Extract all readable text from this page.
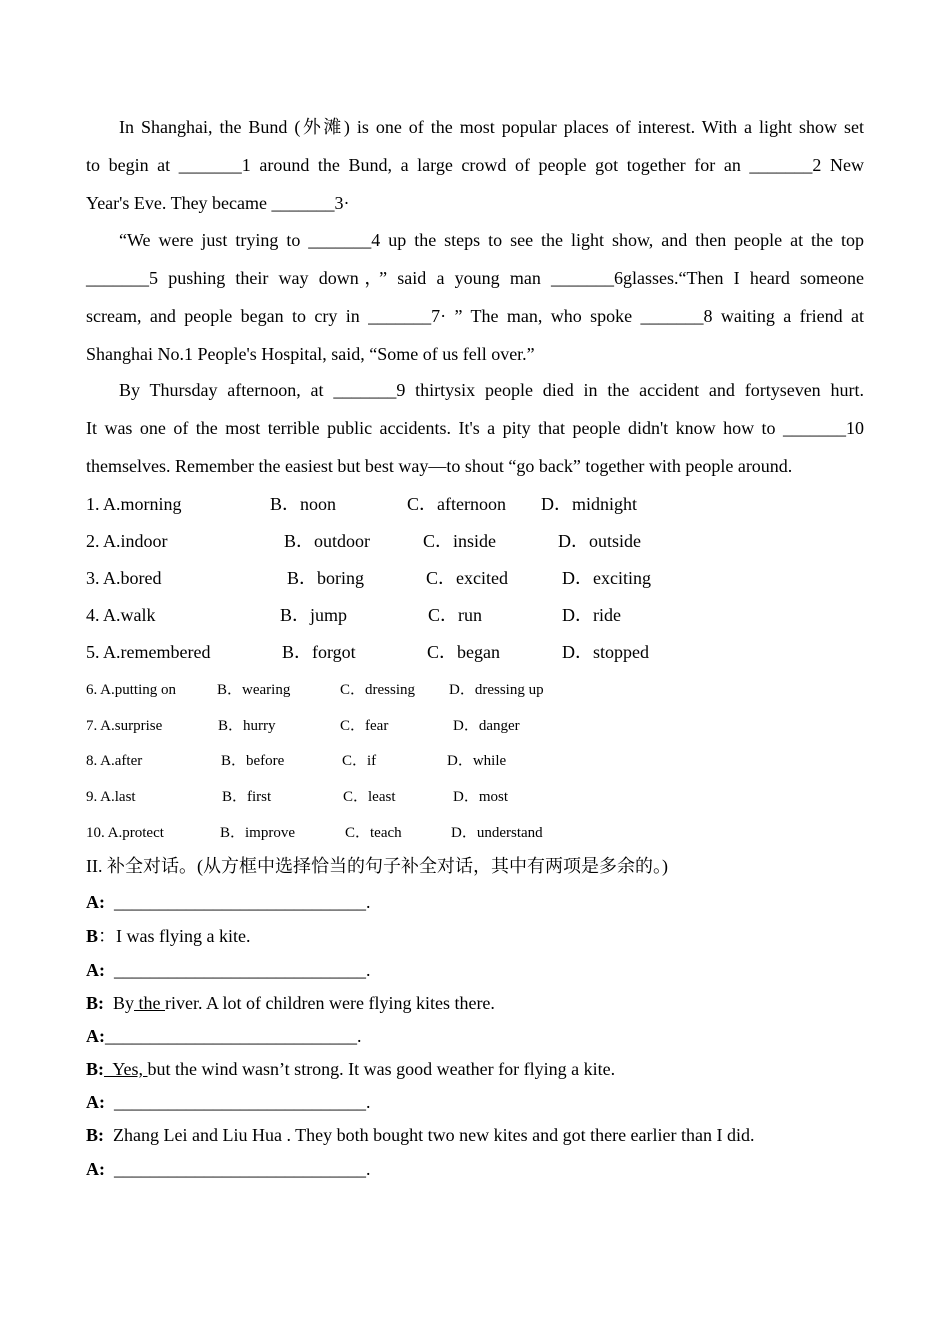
In Shanghai, the Bund (外滩) is one of the most popular places of interest. With a light show set
to begin at _______1 around the Bund, a large crowd of people got together for an _______2 New
Year's Eve. They became _______3·
“We were just trying to _______4 up the steps to see the light show, and then people at the top
_______5 pushing their way down，” said a young man _______6glasses.“Then I heard someone
scream, and people began to cry in _______7· ” The man, who spoke _______8 waiting a friend at
Shanghai No.1 People's Hospital, said, “Some of us fell over.”
By Thursday afternoon, at _______9 thirtysix people died in the accident and fortyseven hurt.
It was one of the most terrible public accidents. It's a pity that people didn't know how to _______10
themselves. Remember the easiest but best way—to shout “go back” together with people around.
1. A.morning	B．noon	C．afternoon D．midnight
2. A.indoor	B．outdoor	C．inside	D．outside
3. A.bored	B．boring	C．excited	D．exciting
4. A.walk	B．jump	C．run	D．ride
5. A.remembered	B．forgot	C．began	D．stopped
6. A.putting on	B．wearing	C．dressing D．dressing up
7. A.surprise	B．hurry	C．fear	D．danger
8. A.after	B．before	C．if	D．while
9. A.last	B．first	C．least	D．most
10. A.protect	B．improve	C．teach	D．understand
II. 补全对话。(从方框中选择恰当的句子补全对话，其中有两项是多余的。)
A: ____________________________.
B：I was flying a kite.
A: ____________________________.
B:  By the river. A lot of children were flying kites there.
A:____________________________.
B:  Yes, but the wind wasn’t strong. It was good weather for flying a kite.
A: ____________________________.
B:  Zhang Lei and Liu Hua . They both bought two new kites and got there earlier than I did.
A: ____________________________.
